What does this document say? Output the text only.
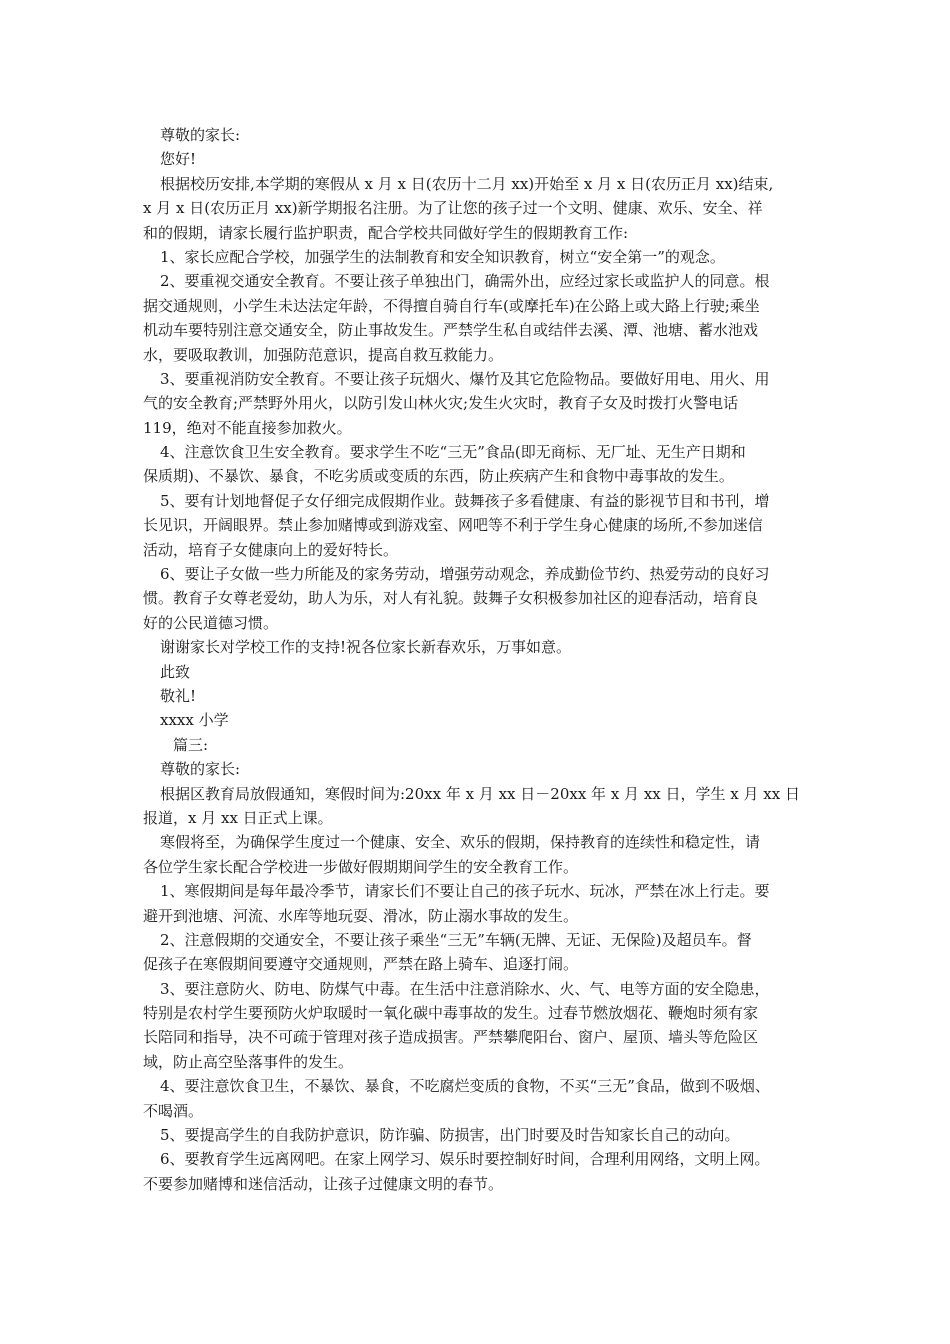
尊敬的家长:
您好!
根据校历安排,本学期的寒假从 x 月 x 日(农历十二月 xx)开始至 x 月 x 日(农历正月 xx)结束,
x 月 x 日(农历正月 xx)新学期报名注册。为了让您的孩子过一个文明、健康、欢乐、安全、祥
和的假期，请家长履行监护职责，配合学校共同做好学生的假期教育工作:
1、家长应配合学校，加强学生的法制教育和安全知识教育，树立“安全第一”的观念。
2、要重视交通安全教育。不要让孩子单独出门，确需外出，应经过家长或监护人的同意。根
据交通规则，小学生未达法定年龄，不得擅自骑自行车(或摩托车)在公路上或大路上行驶;乘坐
机动车要特别注意交通安全，防止事故发生。严禁学生私自或结伴去溪、潭、池塘、蓄水池戏
水，要吸取教训，加强防范意识，提高自救互救能力。
3、要重视消防安全教育。不要让孩子玩烟火、爆竹及其它危险物品。要做好用电、用火、用
气的安全教育;严禁野外用火，以防引发山林火灾;发生火灾时，教育子女及时拨打火警电话
119，绝对不能直接参加救火。
4、注意饮食卫生安全教育。要求学生不吃“三无”食品(即无商标、无厂址、无生产日期和
保质期)、不暴饮、暴食，不吃劣质或变质的东西，防止疾病产生和食物中毒事故的发生。
5、要有计划地督促子女仔细完成假期作业。鼓舞孩子多看健康、有益的影视节目和书刊，增
长见识，开阔眼界。禁止参加赌博或到游戏室、网吧等不利于学生身心健康的场所,不参加迷信
活动，培育子女健康向上的爱好特长。
6、要让子女做一些力所能及的家务劳动，增强劳动观念，养成勤俭节约、热爱劳动的良好习
惯。教育子女尊老爱幼，助人为乐，对人有礼貌。鼓舞子女积极参加社区的迎春活动，培育良
好的公民道德习惯。
谢谢家长对学校工作的支持!祝各位家长新春欢乐，万事如意。
此致
敬礼!
xxxx 小学
篇三:
尊敬的家长:
根据区教育局放假通知，寒假时间为:20xx 年 x 月 xx 日－20xx 年 x 月 xx 日，学生 x 月 xx 日
报道，x 月 xx 日正式上课。
寒假将至，为确保学生度过一个健康、安全、欢乐的假期，保持教育的连续性和稳定性，请
各位学生家长配合学校进一步做好假期期间学生的安全教育工作。
1、寒假期间是每年最冷季节，请家长们不要让自己的孩子玩水、玩冰，严禁在冰上行走。要
避开到池塘、河流、水库等地玩耍、滑冰，防止溺水事故的发生。
2、注意假期的交通安全，不要让孩子乘坐“三无”车辆(无牌、无证、无保险)及超员车。督
促孩子在寒假期间要遵守交通规则，严禁在路上骑车、追逐打闹。
3、要注意防火、防电、防煤气中毒。在生活中注意消除水、火、气、电等方面的安全隐患，
特别是农村学生要预防火炉取暖时一氧化碳中毒事故的发生。过春节燃放烟花、鞭炮时须有家
长陪同和指导，决不可疏于管理对孩子造成损害。严禁攀爬阳台、窗户、屋顶、墙头等危险区
域，防止高空坠落事件的发生。
4、要注意饮食卫生，不暴饮、暴食，不吃腐烂变质的食物，不买“三无”食品，做到不吸烟、
不喝酒。
5、要提高学生的自我防护意识，防诈骗、防损害，出门时要及时告知家长自己的动向。
6、要教育学生远离网吧。在家上网学习、娱乐时要控制好时间，合理利用网络，文明上网。
不要参加赌博和迷信活动，让孩子过健康文明的春节。
